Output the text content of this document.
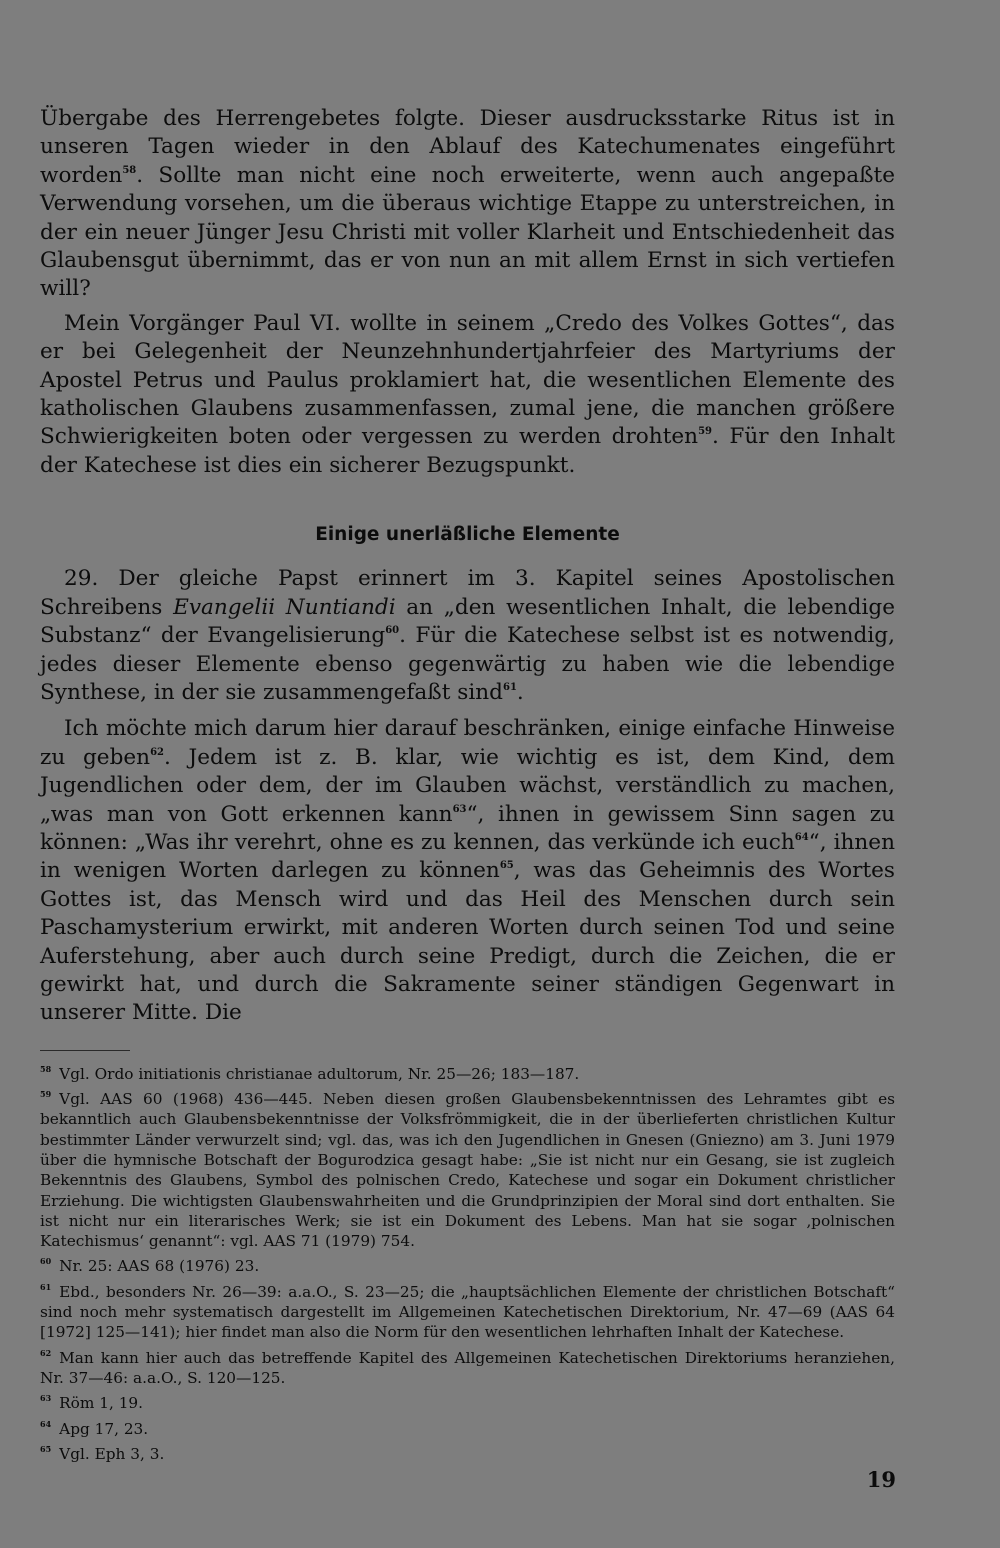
Übergabe des Herrengebetes folgte. Dieser ausdrucksstarke Ritus ist in unseren Tagen wieder in den Ablauf des Katechumenates eingeführt worden$^{58}$. Sollte man nicht eine noch erweiterte, wenn auch angepaßte Verwendung vorsehen, um die überaus wichtige Etappe zu unterstreichen, in der ein neuer Jünger Jesu Christi mit voller Klarheit und Entschiedenheit das Glaubensgut übernimmt, das er von nun an mit allem Ernst in sich vertiefen will?

Mein Vorgänger Paul VI. wollte in seinem „Credo des Volkes Gottes“, das er bei Gelegenheit der Neunzehnhundertjahrfeier des Martyriums der Apostel Petrus und Paulus proklamiert hat, die wesentlichen Elemente des katholischen Glaubens zusammenfassen, zumal jene, die manchen größere Schwierigkeiten boten oder vergessen zu werden drohten$^{59}$. Für den Inhalt der Katechese ist dies ein sicherer Bezugspunkt.

Einige unerläßliche Elemente

29. Der gleiche Papst erinnert im 3. Kapitel seines Apostolischen Schreibens Evangelii Nuntiandi an „den wesentlichen Inhalt, die lebendige Substanz“ der Evangelisierung$^{60}$. Für die Katechese selbst ist es notwendig, jedes dieser Elemente ebenso gegenwärtig zu haben wie die lebendige Synthese, in der sie zusammengefaßt sind$^{61}$.

Ich möchte mich darum hier darauf beschränken, einige einfache Hinweise zu geben$^{62}$. Jedem ist z. B. klar, wie wichtig es ist, dem Kind, dem Jugendlichen oder dem, der im Glauben wächst, verständlich zu machen, „was man von Gott erkennen kann$^{63}$“, ihnen in gewissem Sinn sagen zu können: „Was ihr verehrt, ohne es zu kennen, das verkünde ich euch$^{64}$“, ihnen in wenigen Worten darlegen zu können$^{65}$, was das Geheimnis des Wortes Gottes ist, das Mensch wird und das Heil des Menschen durch sein Paschamysterium erwirkt, mit anderen Worten durch seinen Tod und seine Auferstehung, aber auch durch seine Predigt, durch die Zeichen, die er gewirkt hat, und durch die Sakramente seiner ständigen Gegenwart in unserer Mitte. Die

$^{58}$ Vgl. Ordo initiationis christianae adultorum, Nr. 25—26; 183—187.

$^{59}$ Vgl. AAS 60 (1968) 436—445. Neben diesen großen Glaubensbekenntnissen des Lehramtes gibt es bekanntlich auch Glaubensbekenntnisse der Volksfrömmigkeit, die in der überlieferten christlichen Kultur bestimmter Länder verwurzelt sind; vgl. das, was ich den Jugendlichen in Gnesen (Gniezno) am 3. Juni 1979 über die hymnische Botschaft der Bogurodzica gesagt habe: „Sie ist nicht nur ein Gesang, sie ist zugleich Bekenntnis des Glaubens, Symbol des polnischen Credo, Katechese und sogar ein Dokument christlicher Erziehung. Die wichtigsten Glaubenswahrheiten und die Grundprinzipien der Moral sind dort enthalten. Sie ist nicht nur ein literarisches Werk; sie ist ein Dokument des Lebens. Man hat sie sogar ‚polnischen Katechismus‘ genannt“: vgl. AAS 71 (1979) 754.

$^{60}$ Nr. 25: AAS 68 (1976) 23.

$^{61}$ Ebd., besonders Nr. 26—39: a.a.O., S. 23—25; die „hauptsächlichen Elemente der christlichen Botschaft“ sind noch mehr systematisch dargestellt im Allgemeinen Katechetischen Direktorium, Nr. 47—69 (AAS 64 [1972] 125—141); hier findet man also die Norm für den wesentlichen lehrhaften Inhalt der Katechese.

$^{62}$ Man kann hier auch das betreffende Kapitel des Allgemeinen Katechetischen Direktoriums heranziehen, Nr. 37—46: a.a.O., S. 120—125.

$^{63}$ Röm 1, 19.

$^{64}$ Apg 17, 23.

$^{65}$ Vgl. Eph 3, 3.

19
